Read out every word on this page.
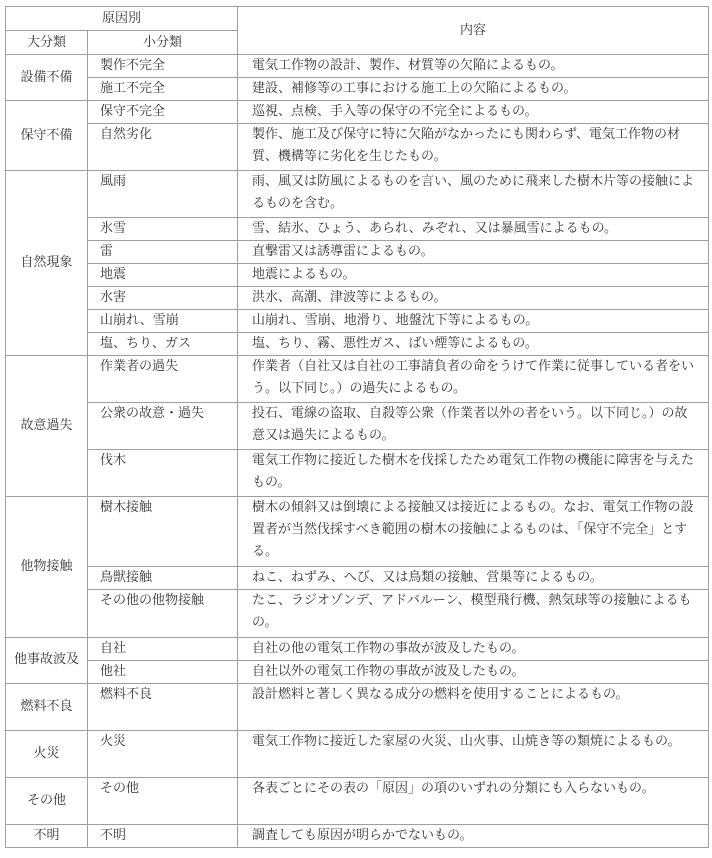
原因別		内容
大分類	小分類	
設備不備	製作不完全	電気工作物の設計、製作、材質等の欠陥によるもの。
	施工不完全	建設、補修等の工事における施工上の欠陥によるもの。
保守不備	保守不完全	巡視、点検、手入等の保守の不完全によるもの。
	自然劣化	製作、施工及び保守に特に欠陥がなかったにも関わらず、電気工作物の材質、機構等に劣化を生じたもの。
自然現象	風雨	雨、風又は防風によるものを言い、風のために飛来した樹木片等の接触によるものを含む。
	氷雪	雪、結氷、ひょう、あられ、みぞれ、又は暴風雪によるもの。
	雷	直撃雷又は誘導雷によるもの。
	地震	地震によるもの。
	水害	洪水、高潮、津波等によるもの。
	山崩れ、雪崩	山崩れ、雪崩、地滑り、地盤沈下等によるもの。
	塩、ちり、ガス	塩、ちり、霧、悪性ガス、ばい煙等によるもの。
故意過失	作業者の過失	作業者（自社又は自社の工事請負者の命をうけて作業に従事している者をいう。以下同じ。）の過失によるもの。
	公衆の故意・過失	投石、電線の盗取、自殺等公衆（作業者以外の者をいう。以下同じ。）の故意又は過失によるもの。
	伐木	電気工作物に接近した樹木を伐採したため電気工作物の機能に障害を与えたもの。
他物接触	樹木接触	樹木の傾斜又は倒壊による接触又は接近によるもの。なお、電気工作物の設置者が当然伐採すべき範囲の樹木の接触によるものは、「保守不完全」とする。
	鳥獣接触	ねこ、ねずみ、へび、又は鳥類の接触、営巣等によるもの。
	その他の他物接触	たこ、ラジオゾンデ、アドバルーン、模型飛行機、熱気球等の接触によるもの。
他事故波及	自社	自社の他の電気工作物の事故が波及したもの。
	他社	自社以外の電気工作物の事故が波及したもの。
燃料不良	燃料不良	設計燃料と著しく異なる成分の燃料を使用することによるもの。
火災	火災	電気工作物に接近した家屋の火災、山火事、山焼き等の類焼によるもの。
その他	その他	各表ごとにその表の「原因」の項のいずれの分類にも入らないもの。
不明	不明	調査しても原因が明らかでないもの。
